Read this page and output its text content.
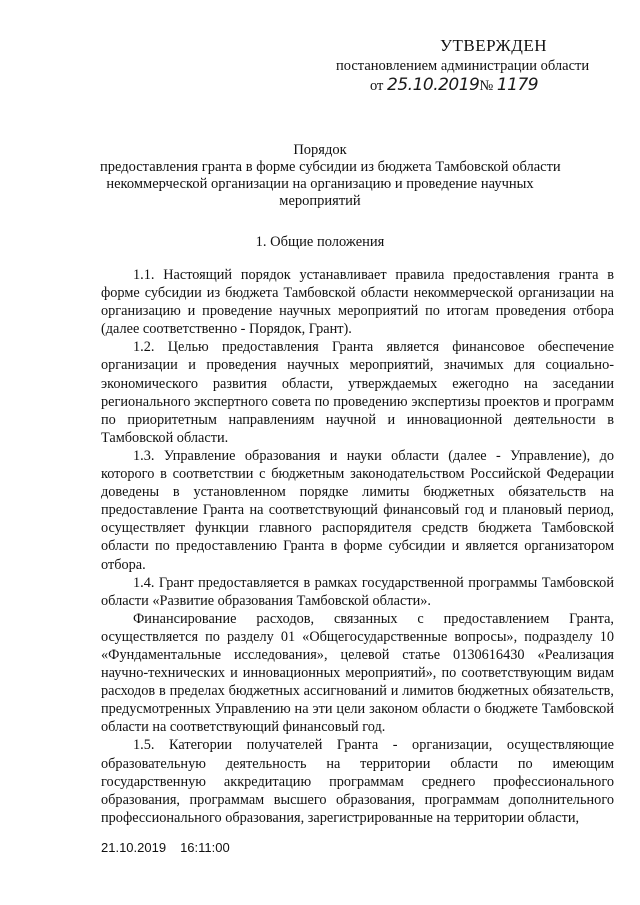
УТВЕРЖДЕН
постановлением администрации области
от 25.10.2019№ 1179
Порядок
предоставления гранта в форме субсидии из бюджета Тамбовской области
некоммерческой организации на организацию и проведение научных
мероприятий
1. Общие положения

1.1. Настоящий порядок устанавливает правила предоставления гранта в форме субсидии из бюджета Тамбовской области некоммерческой организации на организацию и проведение научных мероприятий по итогам проведения отбора (далее соответственно - Порядок, Грант).

1.2. Целью предоставления Гранта является финансовое обеспечение организации и проведения научных мероприятий, значимых для социально-экономического развития области, утверждаемых ежегодно на заседании регионального экспертного совета по проведению экспертизы проектов и программ по приоритетным направлениям научной и инновационной деятельности в Тамбовской области.

1.3. Управление образования и науки области (далее - Управление), до которого в соответствии с бюджетным законодательством Российской Федерации доведены в установленном порядке лимиты бюджетных обязательств на предоставление Гранта на соответствующий финансовый год и плановый период, осуществляет функции главного распорядителя средств бюджета Тамбовской области по предоставлению Гранта в форме субсидии и является организатором отбора.

1.4. Грант предоставляется в рамках государственной программы Тамбовской области «Развитие образования Тамбовской области».

Финансирование расходов, связанных с предоставлением Гранта, осуществляется по разделу 01 «Общегосударственные вопросы», подразделу 10 «Фундаментальные исследования», целевой статье 0130616430 «Реализация научно-технических и инновационных мероприятий», по соответствующим видам расходов в пределах бюджетных ассигнований и лимитов бюджетных обязательств, предусмотренных Управлению на эти цели законом области о бюджете Тамбовской области на соответствующий финансовый год.

1.5. Категории получателей Гранта - организации, осуществляющие образовательную деятельность на территории области по имеющим государственную аккредитацию программам среднего профессионального образования, программам высшего образования, программам дополнительного профессионального образования, зарегистрированные на территории области,

21.10.2019 16:11:00
